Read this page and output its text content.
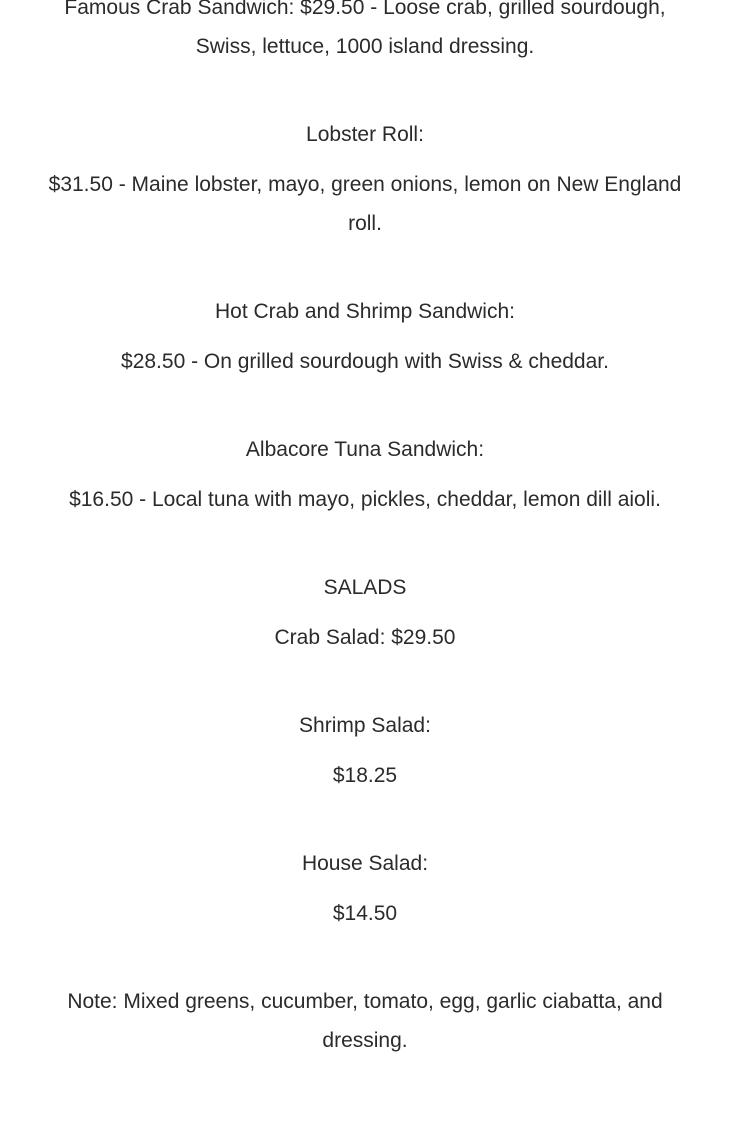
Famous Crab Sandwich: $29.50 - Loose crab, grilled sourdough, Swiss, lettuce, 1000 island dressing.

Lobster Roll:

$31.50 - Maine lobster, mayo, green onions, lemon on New England roll.

Hot Crab and Shrimp Sandwich:

$28.50 - On grilled sourdough with Swiss & cheddar.

Albacore Tuna Sandwich:

$16.50 - Local tuna with mayo, pickles, cheddar, lemon dill aioli.

SALADS

Crab Salad: $29.50

Shrimp Salad:

$18.25

House Salad:

$14.50

Note: Mixed greens, cucumber, tomato, egg, garlic ciabatta, and dressing.
